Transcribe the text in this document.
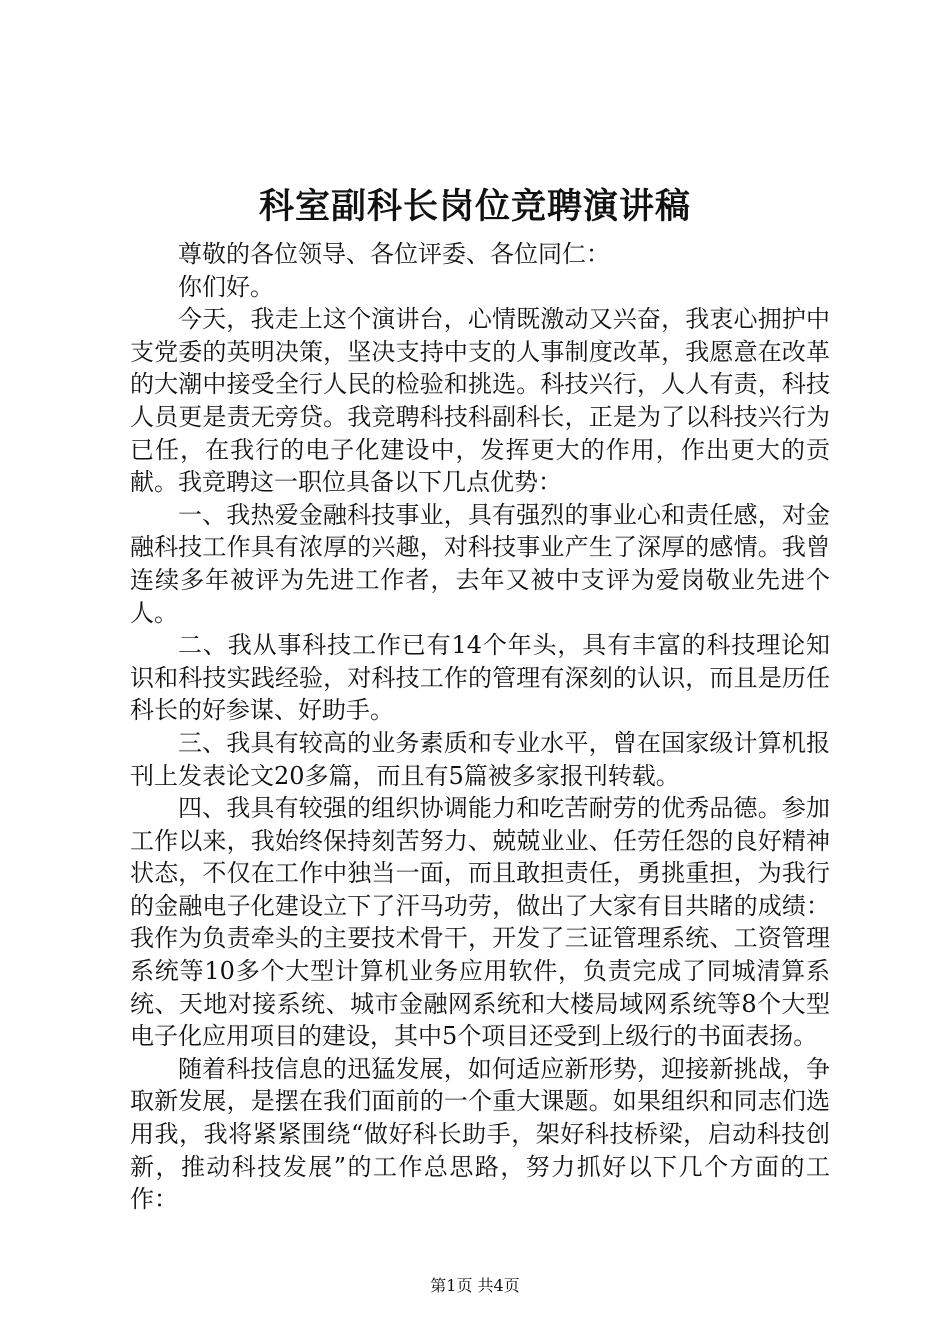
科室副科长岗位竞聘演讲稿

尊敬的各位领导、各位评委、各位同仁：

你们好。

今天，我走上这个演讲台，心情既激动又兴奋，我衷心拥护中支党委的英明决策，坚决支持中支的人事制度改革，我愿意在改革的大潮中接受全行人民的检验和挑选。科技兴行，人人有责，科技人员更是责无旁贷。我竞聘科技科副科长，正是为了以科技兴行为已任，在我行的电子化建设中，发挥更大的作用，作出更大的贡献。我竞聘这一职位具备以下几点优势：

一、我热爱金融科技事业，具有强烈的事业心和责任感，对金融科技工作具有浓厚的兴趣，对科技事业产生了深厚的感情。我曾连续多年被评为先进工作者，去年又被中支评为爱岗敬业先进个人。

二、我从事科技工作已有14个年头，具有丰富的科技理论知识和科技实践经验，对科技工作的管理有深刻的认识，而且是历任科长的好参谋、好助手。

三、我具有较高的业务素质和专业水平，曾在国家级计算机报刊上发表论文20多篇，而且有5篇被多家报刊转载。

四、我具有较强的组织协调能力和吃苦耐劳的优秀品德。参加工作以来，我始终保持刻苦努力、兢兢业业、任劳任怨的良好精神状态，不仅在工作中独当一面，而且敢担责任，勇挑重担，为我行的金融电子化建设立下了汗马功劳，做出了大家有目共睹的成绩：我作为负责牵头的主要技术骨干，开发了三证管理系统、工资管理系统等10多个大型计算机业务应用软件，负责完成了同城清算系统、天地对接系统、城市金融网系统和大楼局域网系统等8个大型电子化应用项目的建设，其中5个项目还受到上级行的书面表扬。

随着科技信息的迅猛发展，如何适应新形势，迎接新挑战，争取新发展，是摆在我们面前的一个重大课题。如果组织和同志们选用我，我将紧紧围绕“做好科长助手，架好科技桥梁，启动科技创新，推动科技发展”的工作总思路，努力抓好以下几个方面的工作：

第1页 共4页
